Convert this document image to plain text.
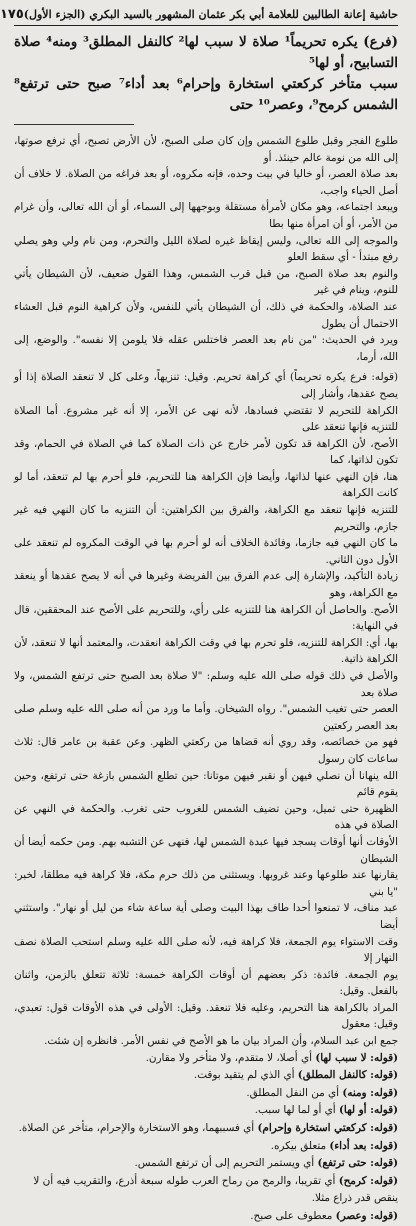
حاشية إعانة الطالبين للعلامة أبي بكر عثمان المشهور بالسيد البكري (الجزء الأول)
١٧٥

(فرع) يكره تحريماً¹ صلاة لا سبب لها² كالنفل المطلق³ ومنه⁴ صلاة التسابيح، أو لها⁵

سبب متأخر كركعتي استخارة وإحرام⁶ بعد أداء⁷ صبح حتى ترتفع⁸ الشمس كرمح⁹، وعصر¹⁰ حتى

طلوع الفجر وقبل طلوع الشمس وإن كان صلى الصبح، لأن الأرض تصبح، أي ترفع صوتها، إلى الله من نومة عالم حينئذ. أو

بعد صلاة العصر، أو خاليا في بيت وحده، فإنه مكروه، أو بعد فراغه من الصلاة. لا خلاف أن أصل الحياء واجب،

ويبعد اجتماعه، وهو مكان لأمرأة مستقلة وبوجهها إلى السماء، أو أن الله تعالى، وأن غرام من الأمر، أو أن امرأة منها بطا

والموجه إلى الله تعالى، وليس إيقاظ غيره لصلاة الليل والتحرم، ومن نام ولي وهو يصلي رفع مبتدأ - أي سقط العلو

والنوم بعد صلاة الصبح، من قبل قرب الشمس، وهذا القول ضعيف، لأن الشيطان يأتي للنوم، وينام في غير

عند الصلاة، والحكمة في ذلك، أن الشيطان يأتي للنفس، ولأن كراهية النوم قبل العشاء الاحتمال أن يطول

ويرد في الحديث: "من نام بعد العصر فاختلس عقله فلا يلومن إلا نفسه". والوضع، إلى الله، أرما،

(قوله: فرع يكره تحريماً) أي كراهة تحريم. وقيل: تنزيهاً، وعلى كل لا تنعقد الصلاة إذا أو يصح عقدها، وأشار إلى

الكراهة للتحريم لا تقتضي فسادها، لأنه نهى عن الأمر، إلا أنه غير مشروع. أما الصلاة للتنزيه فإنها تنعقد على

الأصح، لأن الكراهة قد تكون لأمر خارج عن ذات الصلاة كما في الصلاة في الحمام، وقد تكون لذاتها، كما

هنا، فإن النهي عنها لذاتها، وأيضا فإن الكراهة هنا للتحريم، فلو أحرم بها لم تنعقد، أما لو كانت الكراهة

للتنزيه فإنها تنعقد مع الكراهة، والفرق بين الكراهتين: أن التنزيه ما كان النهي فيه غير جازم، والتحريم

ما كان النهي فيه جازما، وفائدة الخلاف أنه لو أحرم بها في الوقت المكروه لم تنعقد على الأول دون الثاني.

زيادة التأكيد، والإشارة إلى عدم الفرق بين الفريضة وغيرها في أنه لا يصح عقدها أو ينعقد مع الكراهة، وهو

الأصح. والحاصل أن الكراهة هنا للتنزيه على رأي، وللتحريم على الأصح عند المحققين، قال في النهاية:

بها، أي: الكراهة للتنزيه، فلو تحرم بها في وقت الكراهة انعقدت، والمعتمد أنها لا تنعقد، لأن الكراهة ذاتية.

والأصل في ذلك قوله صلى الله عليه وسلم: "لا صلاة بعد الصبح حتى ترتفع الشمس، ولا صلاة بعد

العصر حتى تغيب الشمس". رواه الشيخان. وأما ما ورد من أنه صلى الله عليه وسلم صلى بعد العصر ركعتين

فهو من خصائصه، وقد روي أنه قضاها من ركعتي الظهر. وعن عقبة بن عامر قال: ثلاث ساعات كان رسول

الله ينهانا أن نصلي فيهن أو نقبر فيهن موتانا: حين تطلع الشمس بازغة حتى ترتفع، وحين يقوم قائم

الظهيرة حتى تميل، وحين تضيف الشمس للغروب حتى تغرب. والحكمة في النهي عن الصلاة في هذه

الأوقات أنها أوقات يسجد فيها عبدة الشمس لها، فنهى عن التشبه بهم. ومن حكمه أيضا أن الشيطان

يقارنها عند طلوعها وعند غروبها. ويستثنى من ذلك حرم مكة، فلا كراهة فيه مطلقا، لخبر: "يا بني

عبد مناف، لا تمنعوا أحدا طاف بهذا البيت وصلى أية ساعة شاء من ليل أو نهار". واستثني أيضا

وقت الاستواء يوم الجمعة، فلا كراهة فيه، لأنه صلى الله عليه وسلم استحب الصلاة نصف النهار إلا

يوم الجمعة. فائدة: ذكر بعضهم أن أوقات الكراهة خمسة: ثلاثة تتعلق بالزمن، واثنان بالفعل. وقيل:

المراد بالكراهة هنا التحريم، وعليه فلا تنعقد. وقيل: الأولى في هذه الأوقات قول: تعبدي، وقيل: معقول

جمع ابن عبد السلام، وأن المراد بيان ما هو الأصح في نفس الأمر. فانظره إن شئت.

(قوله: لا سبب لها) أي أصلا، لا متقدم، ولا متأخر ولا مقارن.

(قوله: كالنفل المطلق) أي الذي لم يتقيد بوقت.

(قوله: ومنه) أي من النفل المطلق.

(قوله: أو لها) أي أو لما لها سبب.

(قوله: كركعتي استخارة وإحرام) أي فسببهما، وهو الاستخارة والإحرام، متأخر عن الصلاة.

(قوله: بعد أداء) متعلق بيكره.

(قوله: حتى ترتفع) أي ويستمر التحريم إلى أن ترتفع الشمس.

(قوله: كرمح) أي تقريبا، والرمح من رماح العرب طوله سبعة أذرع، والتقريب فيه أن لا ينقص قدر ذراع مثلا.

(قوله: وعصر) معطوف على صبح.
